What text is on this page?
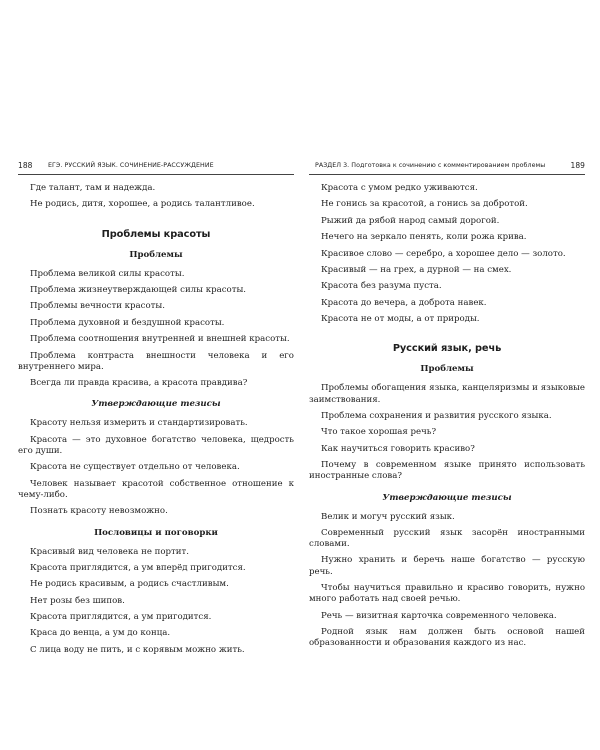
188 ЕГЭ. РУССКИЙ ЯЗЫК. СОЧИНЕНИЕ-РАССУЖДЕНИЕ

Где талант, там и надежда.

Не родись, дитя, хорошее, а родись талантливое.

Проблемы красоты
Проблемы

Проблема великой силы красоты.

Проблема жизнеутверждающей силы красоты.

Проблемы вечности красоты.

Проблема духовной и бездушной красоты.

Проблема соотношения внутренней и внешней красоты.

Проблема контраста внешности человека и его внутреннего мира.

Всегда ли правда красива, а красота правдива?

Утверждающие тезисы

Красоту нельзя измерить и стандартизировать.

Красота — это духовное богатство человека, щедрость его души.

Красота не существует отдельно от человека.

Человек называет красотой собственное отношение к чему-либо.

Познать красоту невозможно.

Пословицы и поговорки

Красивый вид человека не портит.

Красота приглядится, а ум вперёд пригодится.

Не родись красивым, а родись счастливым.

Нет розы без шипов.

Красота приглядится, а ум пригодится.

Краса до венца, а ум до конца.

С лица воду не пить, и с корявым можно жить.

РАЗДЕЛ 3. Подготовка к сочинению с комментированием проблемы	189

Красота с умом редко уживаются.

Не гонись за красотой, а гонись за добротой.

Рыжий да рябой народ самый дорогой.

Нечего на зеркало пенять, коли рожа крива.

Красивое слово — серебро, а хорошее дело — золото.

Красивый — на грех, а дурной — на смех.

Красота без разума пуста.

Красота до вечера, а доброта навек.

Красота не от моды, а от природы.

Русский язык, речь
Проблемы

Проблемы обогащения языка, канцеляризмы и языковые заимствования.

Проблема сохранения и развития русского языка.

Что такое хорошая речь?

Как научиться говорить красиво?

Почему в современном языке принято использовать иностранные слова?

Утверждающие тезисы

Велик и могуч русский язык.

Современный русский язык засорён иностранными словами.

Нужно хранить и беречь наше богатство — русскую речь.

Чтобы научиться правильно и красиво говорить, нужно много работать над своей речью.

Речь — визитная карточка современного человека.

Родной язык нам должен быть основой нашей образованности и образования каждого из нас.
